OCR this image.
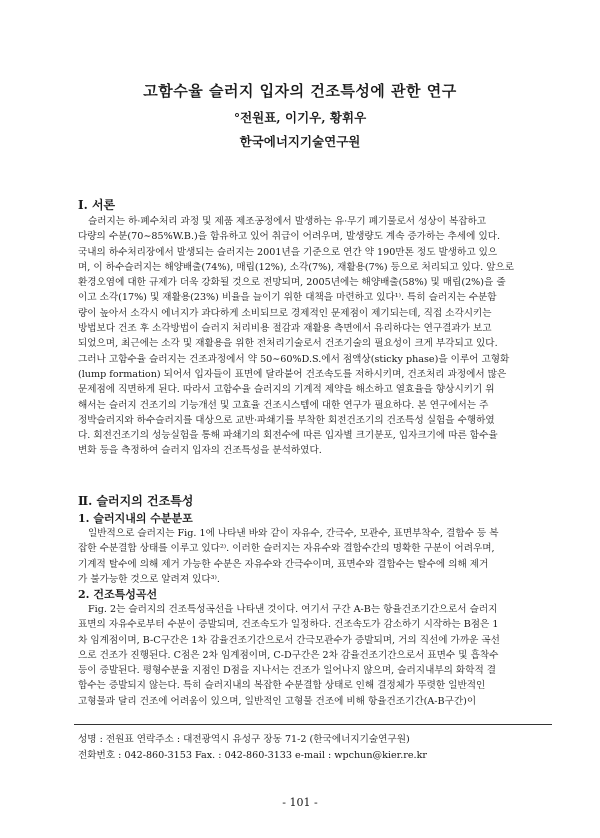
고함수율 슬러지 입자의 건조특성에 관한 연구
°전원표, 이기우, 황휘우
한국에너지기술연구원
Ⅰ. 서론
슬러지는 하·폐수처리 과정 및 제품 제조공정에서 발생하는 유·무기 폐기물로서 성상이 복잡하고
다량의 수분(70∼85%W.B.)을 함유하고 있어 취급이 어려우며, 발생량도 계속 증가하는 추세에 있다.
국내의 하수처리장에서 발생되는 슬러지는 2001년을 기준으로 연간 약 190만톤 정도 발생하고 있으
며, 이 하수슬러지는 해양배출(74%), 매립(12%), 소각(7%), 재활용(7%) 등으로 처리되고 있다. 앞으로
환경오염에 대한 규제가 더욱 강화될 것으로 전망되며, 2005년에는 해양배출(58%) 및 매립(2%)을 줄
이고 소각(17%) 및 재활용(23%) 비율을 늘이기 위한 대책을 마련하고 있다¹⁾. 특히 슬러지는 수분함
량이 높아서 소각시 에너지가 과다하게 소비되므로 경제적인 문제점이 제기되는데, 직접 소각시키는
방법보다 건조 후 소각방법이 슬러지 처리비용 절감과 재활용 측면에서 유리하다는 연구결과가 보고
되었으며, 최근에는 소각 및 재활용을 위한 전처리기술로서 건조기술의 필요성이 크게 부각되고 있다.
그러나 고함수율 슬러지는 건조과정에서 약 50∼60%D.S.에서 점액상(sticky phase)을 이루어 고형화
(lump formation) 되어서 입자들이 표면에 달라붙어 건조속도를 저하시키며, 건조처리 과정에서 많은
문제점에 직면하게 된다. 따라서 고함수율 슬러지의 기계적 제약을 해소하고 열효율을 향상시키기 위
해서는 슬러지 건조기의 기능개선 및 고효율 건조시스템에 대한 연구가 필요하다. 본 연구에서는 주
정박슬러지와 하수슬러지를 대상으로 교반·파쇄기를 부착한 회전건조기의 건조특성 실험을 수행하였
다. 회전건조기의 성능실험을 통해 파쇄기의 회전수에 따른 입자별 크기분포, 입자크기에 따른 함수율
변화 등을 측정하여 슬러지 입자의 건조특성을 분석하였다.
Ⅱ. 슬러지의 건조특성
1. 슬러지내의 수분분포
일반적으로 슬러지는 Fig. 1에 나타낸 바와 같이 자유수, 간극수, 모관수, 표면부착수, 결합수 등 복
잡한 수분결합 상태를 이루고 있다²⁾. 이러한 슬러지는 자유수와 결합수간의 명확한 구분이 어려우며,
기계적 탈수에 의해 제거 가능한 수분은 자유수와 간극수이며, 표면수와 결합수는 탈수에 의해 제거
가 불가능한 것으로 알려져 있다³⁾.
2. 건조특성곡선
Fig. 2는 슬러지의 건조특성곡선을 나타낸 것이다. 여기서 구간 A-B는 항율건조기간으로서 슬러지
표면의 자유수로부터 수분이 증발되며, 건조속도가 일정하다. 건조속도가 감소하기 시작하는 B점은 1
차 임계점이며, B-C구간은 1차 감율건조기간으로서 간극모관수가 증발되며, 거의 직선에 가까운 곡선
으로 건조가 진행된다. C점은 2차 임계점이며, C-D구간은 2차 감율건조기간으로서 표면수 및 흡착수
등이 증발된다. 평형수분율 지점인 D점을 지나서는 건조가 일어나지 않으며, 슬러지내부의 화학적 결
합수는 증발되지 않는다. 특히 슬러지내의 복잡한 수분결합 상태로 인해 결정체가 뚜렷한 일반적인
고형물과 달리 건조에 어려움이 있으며, 일반적인 고형물 건조에 비해 항율건조기간(A-B구간)이
성명 : 전원표 연락주소 : 대전광역시 유성구 장동 71-2 (한국에너지기술연구원)
전화번호 : 042-860-3153 Fax. : 042-860-3133 e-mail : wpchun@kier.re.kr
- 101 -
